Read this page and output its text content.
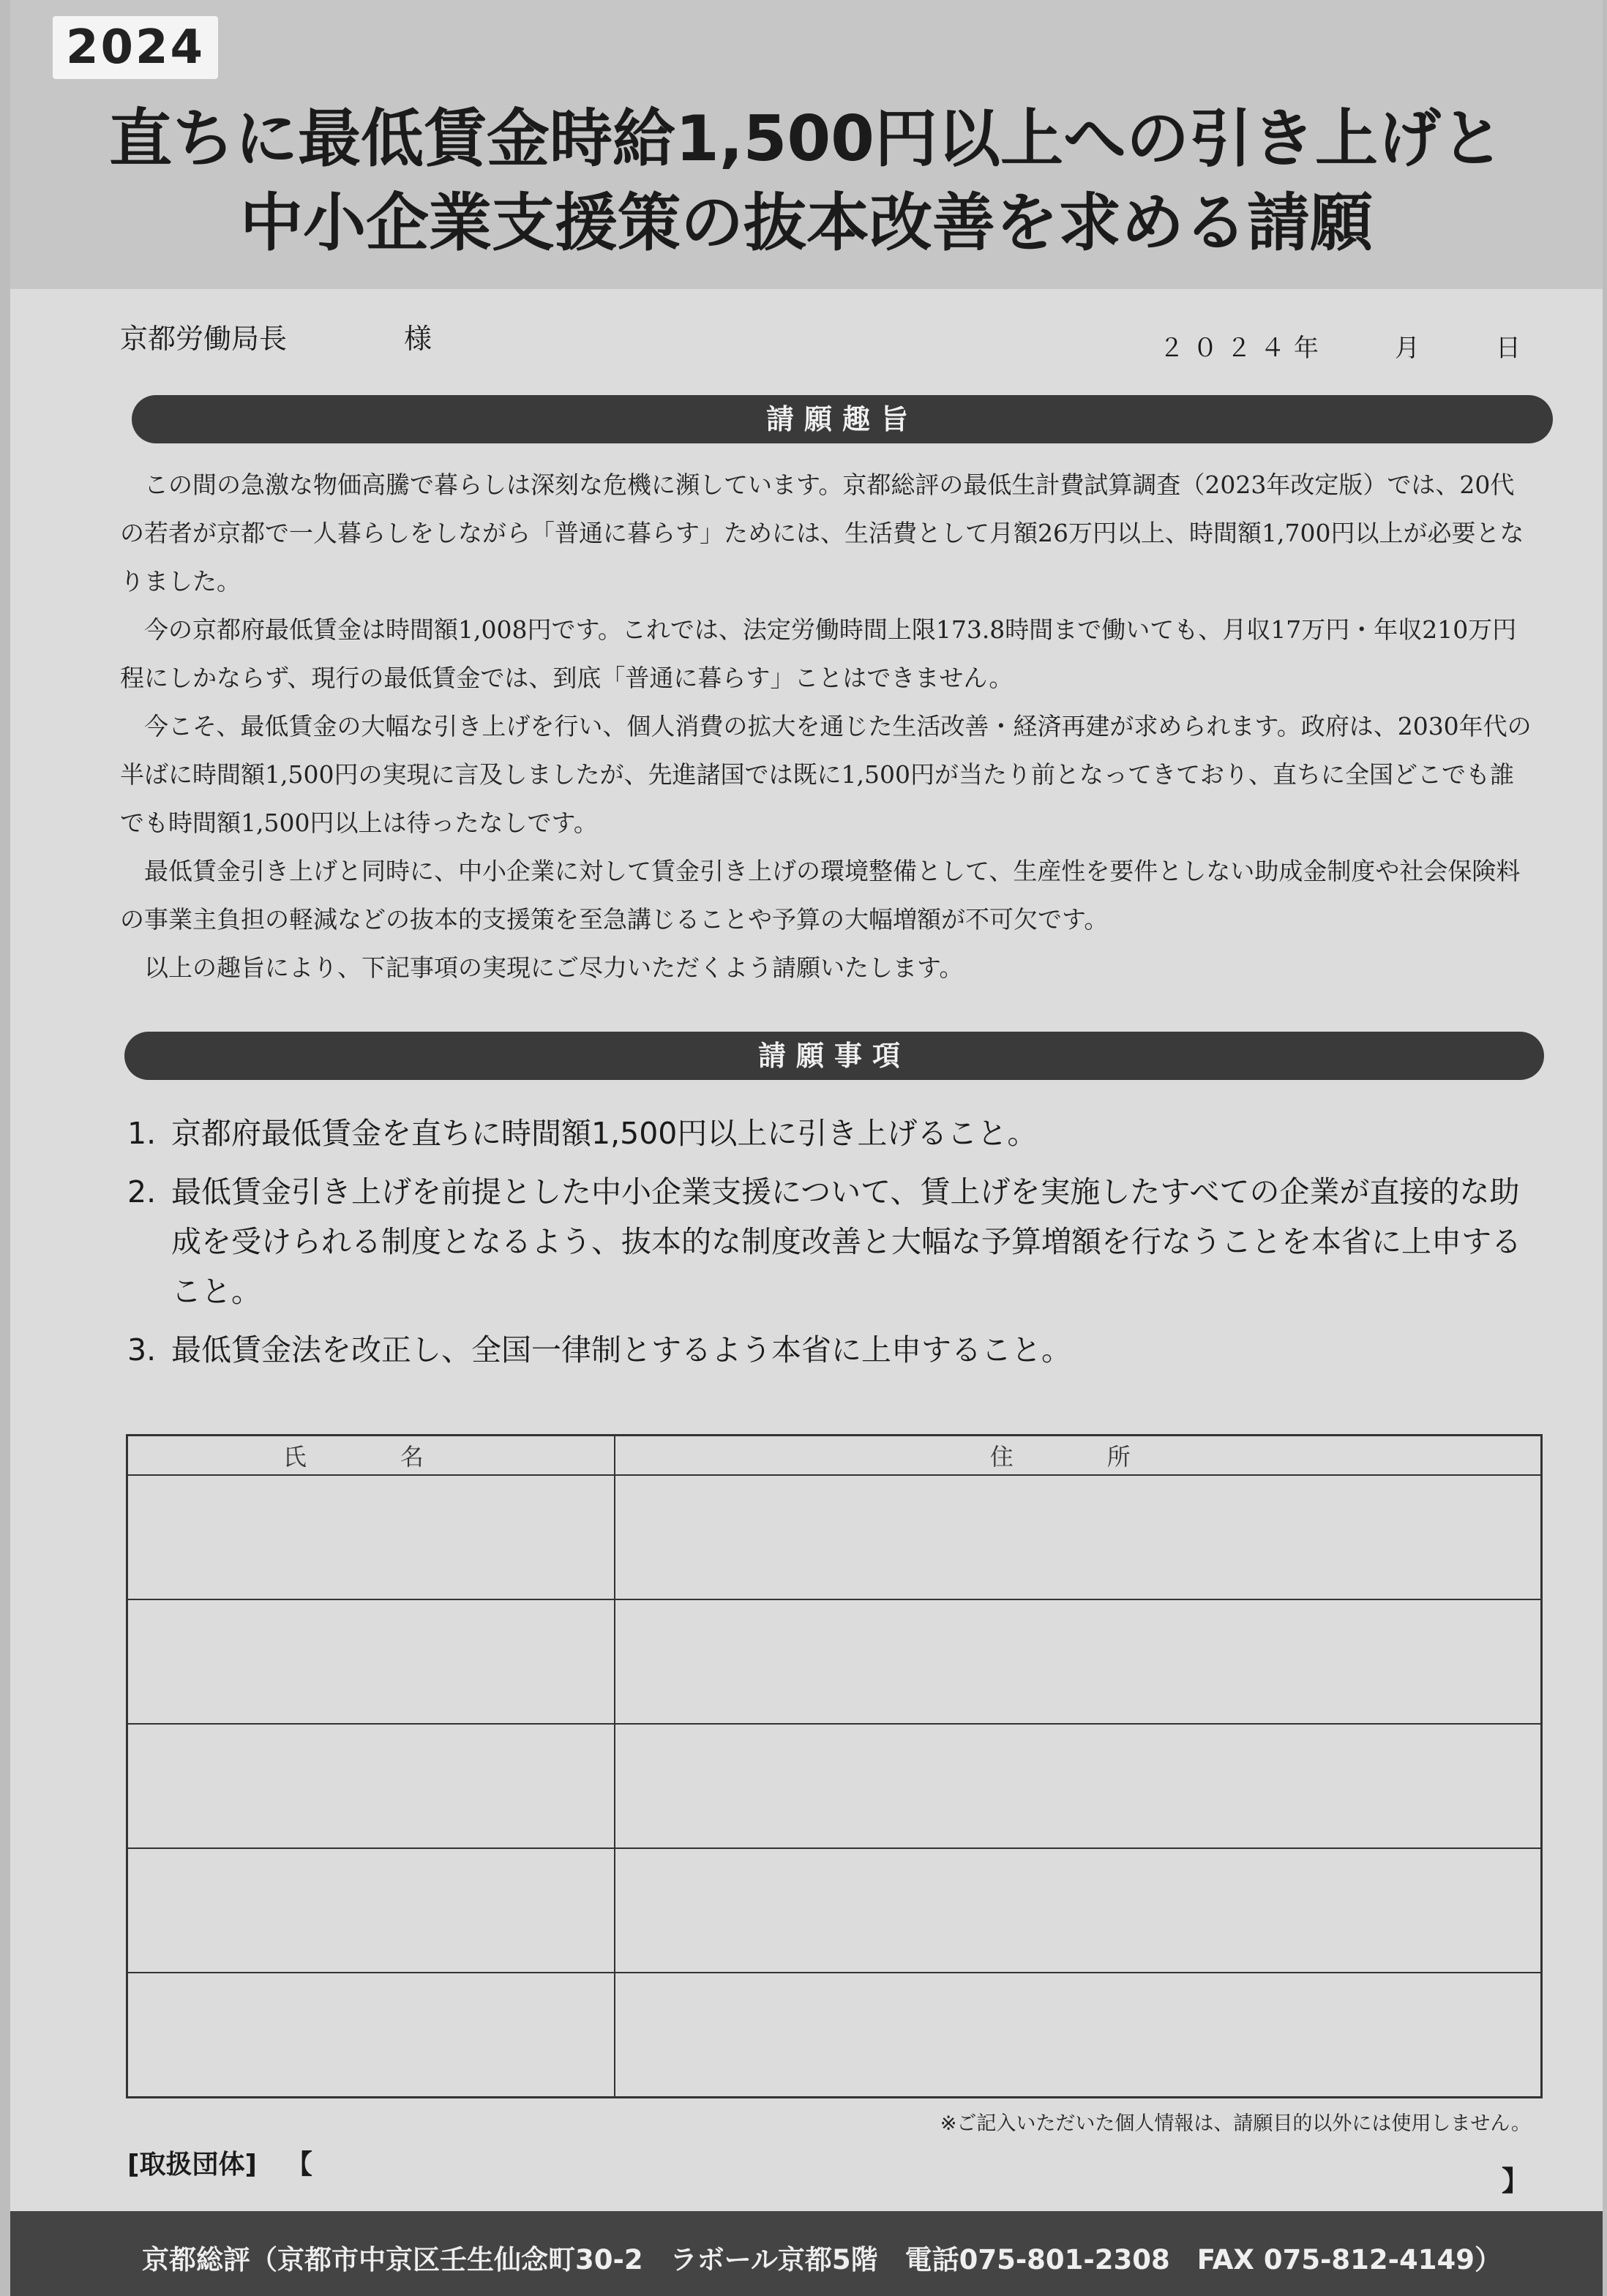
2024
直ちに最低賃金時給1,500円以上への引き上げと
中小企業支援策の抜本改善を求める請願
京都労働局長	様	２０２４年　　月　　日
請願趣旨

この間の急激な物価高騰で暮らしは深刻な危機に瀕しています。京都総評の最低生計費試算調査（2023年改定版）では、20代の若者が京都で一人暮らしをしながら「普通に暮らす」ためには、生活費として月額26万円以上、時間額1,700円以上が必要となりました。

今の京都府最低賃金は時間額1,008円です。これでは、法定労働時間上限173.8時間まで働いても、月収17万円・年収210万円程にしかならず、現行の最低賃金では、到底「普通に暮らす」ことはできません。

今こそ、最低賃金の大幅な引き上げを行い、個人消費の拡大を通じた生活改善・経済再建が求められます。政府は、2030年代の半ばに時間額1,500円の実現に言及しましたが、先進諸国では既に1,500円が当たり前となってきており、直ちに全国どこでも誰でも時間額1,500円以上は待ったなしです。

最低賃金引き上げと同時に、中小企業に対して賃金引き上げの環境整備として、生産性を要件としない助成金制度や社会保険料の事業主負担の軽減などの抜本的支援策を至急講じることや予算の大幅増額が不可欠です。

以上の趣旨により、下記事項の実現にご尽力いただくよう請願いたします。

請願事項
1. 京都府最低賃金を直ちに時間額1,500円以上に引き上げること。
2. 最低賃金引き上げを前提とした中小企業支援について、賃上げを実施したすべての企業が直接的な助成を受けられる制度となるよう、抜本的な制度改善と大幅な予算増額を行なうことを本省に上申すること。
3. 最低賃金法を改正し、全国一律制とするよう本省に上申すること。
氏　名	住　所

※ご記入いただいた個人情報は、請願目的以外には使用しません。
[取扱団体] 【
】
京都総評（京都市中京区壬生仙念町30-2　ラボール京都5階　電話075-801-2308　FAX 075-812-4149）
